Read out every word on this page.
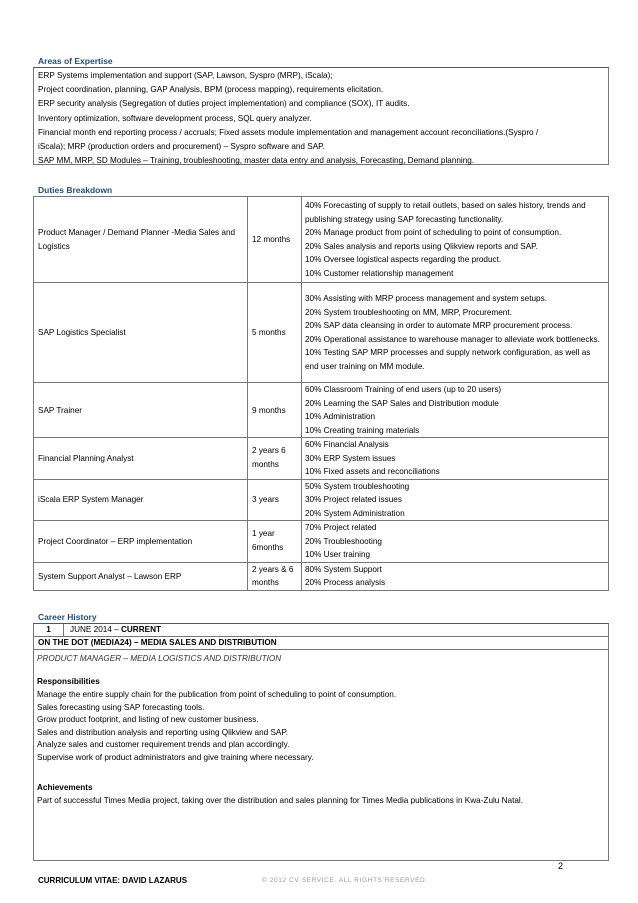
Areas of Expertise
ERP Systems implementation and support (SAP, Lawson, Syspro (MRP), iScala);
Project coordination, planning, GAP Analysis, BPM (process mapping), requirements elicitation.
ERP security analysis (Segregation of duties project implementation) and compliance (SOX), IT audits.
Inventory optimization, software development process, SQL query analyzer.
Financial month end reporting process / accruals; Fixed assets module implementation and management account reconciliations.(Syspro /
iScala); MRP (production orders and procurement) – Syspro software and SAP.
SAP MM, MRP, SD Modules – Training, troubleshooting, master data entry and analysis, Forecasting, Demand planning.
Duties Breakdown
Product Manager / Demand Planner -Media Sales and Logistics	12 months	40% Forecasting of supply to retail outlets, based on sales history, trends and publishing strategy using SAP forecasting functionality.
20% Manage product from point of scheduling to point of consumption.
20% Sales analysis and reports using Qlikview reports and SAP.
10% Oversee logistical aspects regarding the product.
10% Customer relationship management

SAP Logistics Specialist	5 months	30% Assisting with MRP process management and system setups.
20% System troubleshooting on MM, MRP, Procurement.
20% SAP data cleansing in order to automate MRP procurement process.
20% Operational assistance to warehouse manager to alleviate work bottlenecks.
10% Testing SAP MRP processes and supply network configuration, as well as end user training on MM module.

SAP Trainer	9 months	60% Classroom Training of end users (up to 20 users)
20% Learning the SAP Sales and Distribution module
10% Administration
10% Creating training materials

Financial Planning Analyst	2 years 6 months	60% Financial Analysis
30% ERP System issues
10% Fixed assets and reconciliations

iScala ERP System Manager	3 years	50% System troubleshooting
30% Project related issues
20% System Administration

Project Coordinator – ERP implementation	1 year 6months	70% Project related
20% Troubleshooting
10% User training

System Support Analyst – Lawson ERP	2 years & 6 months	80% System Support
20% Process analysis
Career History
1	JUNE 2014 – CURRENT
ON THE DOT (MEDIA24) – MEDIA SALES AND DISTRIBUTION
PRODUCT MANAGER – MEDIA LOGISTICS AND DISTRIBUTION
Responsibilities
Manage the entire supply chain for the publication from point of scheduling to point of consumption.
Sales forecasting using SAP forecasting tools.
Grow product footprint, and listing of new customer business.
Sales and distribution analysis and reporting using Qlikview and SAP.
Analyze sales and customer requirement trends and plan accordingly.
Supervise work of product administrators and give training where necessary.
Achievements
Part of successful Times Media project, taking over the distribution and sales planning for Times Media publications in Kwa-Zulu Natal.
2
CURRICULUM VITAE: DAVID LAZARUS	© 2012 CV SERVICE. ALL RIGHTS RESERVED.
